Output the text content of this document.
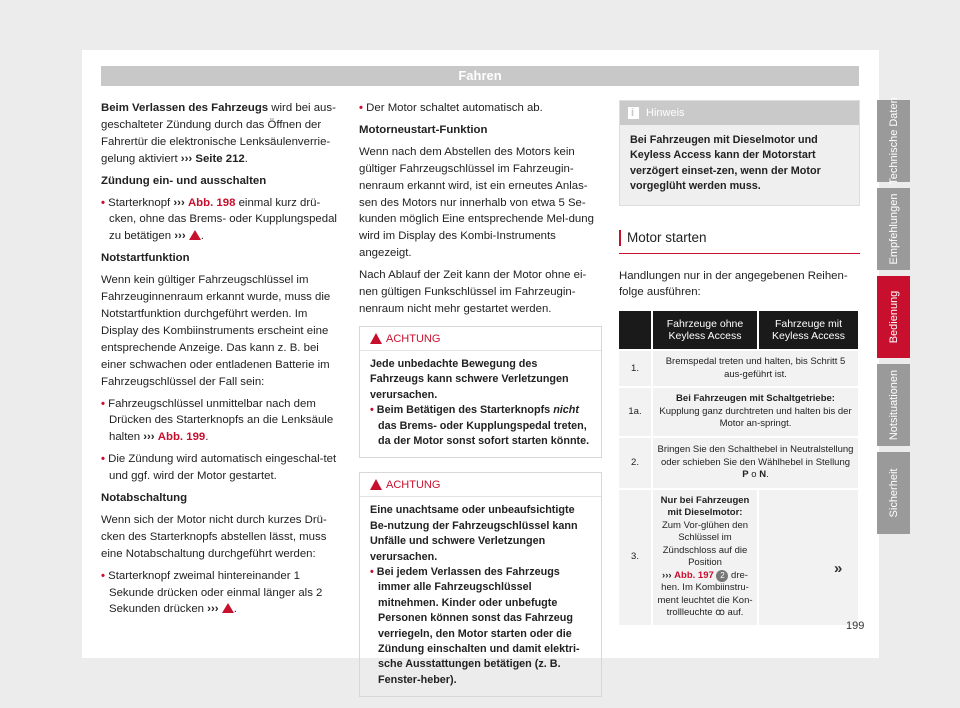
Fahren

Beim Verlassen des Fahrzeugs wird bei aus-geschalteter Zündung durch das Öffnen der Fahrertür die elektronische Lenksäulenverrie-gelung aktiviert ››› Seite 212.

Zündung ein- und ausschalten

• Starterknopf ››› Abb. 198 einmal kurz drü-cken, ohne das Brems- oder Kupplungspedal zu betätigen ››› .

Notstartfunktion

Wenn kein gültiger Fahrzeugschlüssel im Fahrzeuginnenraum erkannt wurde, muss die Notstartfunktion durchgeführt werden. Im Display des Kombiinstruments erscheint eine entsprechende Anzeige. Das kann z. B. bei einer schwachen oder entladenen Batterie im Fahrzeugschlüssel der Fall sein:

• Fahrzeugschlüssel unmittelbar nach dem Drücken des Starterknopfs an die Lenksäule halten ››› Abb. 199.

• Die Zündung wird automatisch eingeschal-tet und ggf. wird der Motor gestartet.

Notabschaltung

Wenn sich der Motor nicht durch kurzes Drü-cken des Starterknopfs abstellen lässt, muss eine Notabschaltung durchgeführt werden:

• Starterknopf zweimal hintereinander 1 Sekunde drücken oder einmal länger als 2 Sekunden drücken ››› .

• Der Motor schaltet automatisch ab.

Motorneustart-Funktion

Wenn nach dem Abstellen des Motors kein gültiger Fahrzeugschlüssel im Fahrzeugin-nenraum erkannt wird, ist ein erneutes Anlas-sen des Motors nur innerhalb von etwa 5 Se-kunden möglich Eine entsprechende Mel-dung wird im Display des Kombi-Instruments angezeigt.

Nach Ablauf der Zeit kann der Motor ohne ei-nen gültigen Funkschlüssel im Fahrzeugin-nenraum nicht mehr gestartet werden.

ACHTUNG
Jede unbedachte Bewegung des Fahrzeugs kann schwere Verletzungen verursachen.
• Beim Betätigen des Starterknopfs nicht das Brems- oder Kupplungspedal treten, da der Motor sonst sofort starten könnte.
ACHTUNG
Eine unachtsame oder unbeaufsichtigte Be-nutzung der Fahrzeugschlüssel kann Unfälle und schwere Verletzungen verursachen.
• Bei jedem Verlassen des Fahrzeugs immer alle Fahrzeugschlüssel mitnehmen. Kinder oder unbefugte Personen können sonst das Fahrzeug verriegeln, den Motor starten oder die Zündung einschalten und damit elektri-sche Ausstattungen betätigen (z. B. Fenster-heber).
i
Hinweis
Bei Fahrzeugen mit Dieselmotor und Keyless Access kann der Motorstart verzögert einset-zen, wenn der Motor vorgeglüht werden muss.
Motor starten

Handlungen nur in der angegebenen Reihen-folge ausführen:

	Fahrzeuge ohne Keyless Access	Fahrzeuge mit Keyless Access
1.	Bremspedal treten und halten, bis Schritt 5 aus-geführt ist.	
1a.	Bei Fahrzeugen mit Schaltgetriebe: Kupplung ganz durchtreten und halten bis der Motor an-springt.	
2.	Bringen Sie den Schalthebel in Neutralstellung oder schieben Sie den Wählhebel in Stellung P o N.	
3.	Nur bei Fahrzeugen mit Dieselmotor: Zum Vor-glühen den Schlüssel im Zündschloss auf die Position
››› Abb. 197 2 dre-hen. Im Kombiinstru-ment leuchtet die Kon-trollleuchte ꝏ auf.	
»
Technische Daten
Empfehlungen
Bedienung
Notsituationen
Sicherheit
199
